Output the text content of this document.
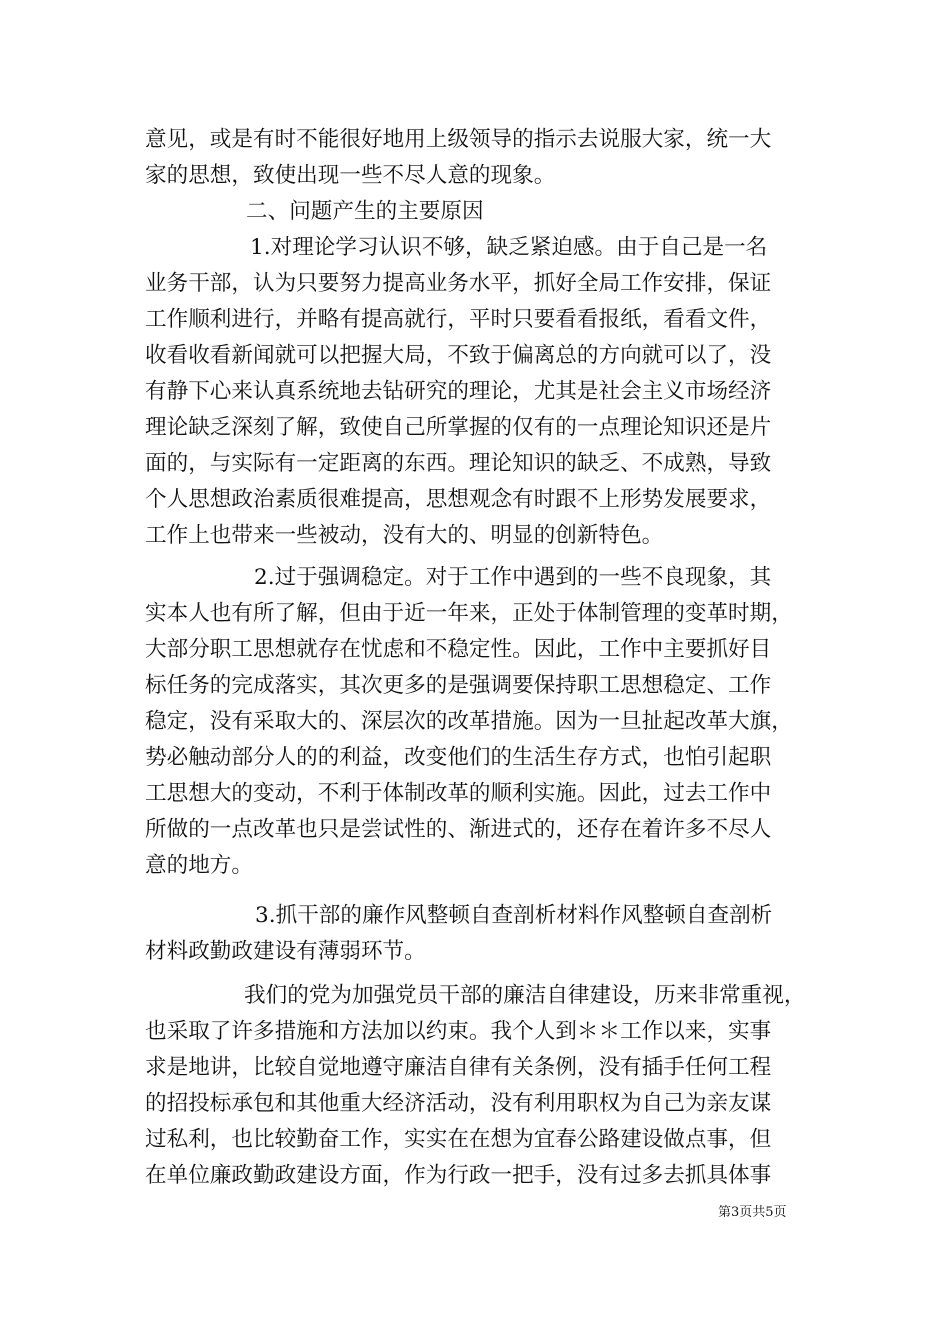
意见，或是有时不能很好地用上级领导的指示去说服大家，统一大
家的思想，致使出现一些不尽人意的现象。
二、问题产生的主要原因
1.对理论学习认识不够，缺乏紧迫感。由于自己是一名
业务干部，认为只要努力提高业务水平，抓好全局工作安排，保证
工作顺利进行，并略有提高就行，平时只要看看报纸，看看文件，
收看收看新闻就可以把握大局，不致于偏离总的方向就可以了，没
有静下心来认真系统地去钻研究的理论，尤其是社会主义市场经济
理论缺乏深刻了解，致使自己所掌握的仅有的一点理论知识还是片
面的，与实际有一定距离的东西。理论知识的缺乏、不成熟，导致
个人思想政治素质很难提高，思想观念有时跟不上形势发展要求，
工作上也带来一些被动，没有大的、明显的创新特色。
2.过于强调稳定。对于工作中遇到的一些不良现象，其
实本人也有所了解，但由于近一年来，正处于体制管理的变革时期，
大部分职工思想就存在忧虑和不稳定性。因此，工作中主要抓好目
标任务的完成落实，其次更多的是强调要保持职工思想稳定、工作
稳定，没有采取大的、深层次的改革措施。因为一旦扯起改革大旗，
势必触动部分人的的利益，改变他们的生活生存方式，也怕引起职
工思想大的变动，不利于体制改革的顺利实施。因此，过去工作中
所做的一点改革也只是尝试性的、渐进式的，还存在着许多不尽人
意的地方。
3.抓干部的廉作风整顿自查剖析材料作风整顿自查剖析
材料政勤政建设有薄弱环节。
我们的党为加强党员干部的廉洁自律建设，历来非常重视，
也采取了许多措施和方法加以约束。我个人到＊＊工作以来，实事
求是地讲，比较自觉地遵守廉洁自律有关条例，没有插手任何工程
的招投标承包和其他重大经济活动，没有利用职权为自己为亲友谋
过私利，也比较勤奋工作，实实在在想为宜春公路建设做点事，但
在单位廉政勤政建设方面，作为行政一把手，没有过多去抓具体事
第3页共5页
